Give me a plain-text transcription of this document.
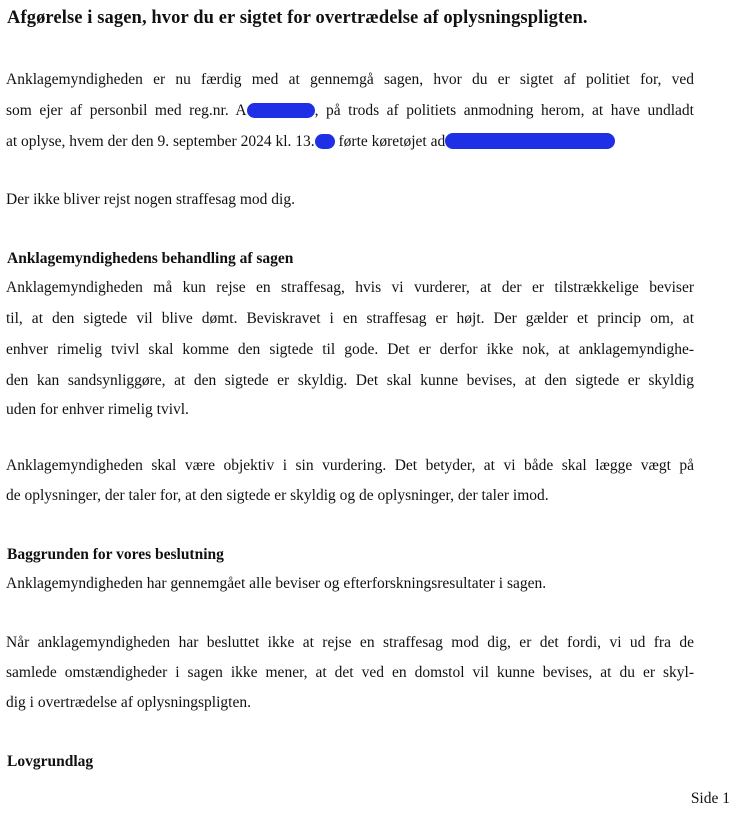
Afgørelse i sagen, hvor du er sigtet for overtrædelse af oplysningspligten.

Anklagemyndigheden er nu færdig med at gennemgå sagen, hvor du er sigtet af politiet for, ved

som ejer af personbil med reg.nr. A	, på trods af politiets anmodning herom, at have undladt

at oplyse, hvem der den 9. september 2024 kl. 13. førte køretøjet ad

Der ikke bliver rejst nogen straffesag mod dig.

Anklagemyndighedens behandling af sagen

Anklagemyndigheden må kun rejse en straffesag, hvis vi vurderer, at der er tilstrækkelige beviser

til, at den sigtede vil blive dømt. Beviskravet i en straffesag er højt. Der gælder et princip om, at

enhver rimelig tvivl skal komme den sigtede til gode. Det er derfor ikke nok, at anklagemyndighe-

den kan sandsynliggøre, at den sigtede er skyldig. Det skal kunne bevises, at den sigtede er skyldig

uden for enhver rimelig tvivl.

Anklagemyndigheden skal være objektiv i sin vurdering. Det betyder, at vi både skal lægge vægt på

de oplysninger, der taler for, at den sigtede er skyldig og de oplysninger, der taler imod.

Baggrunden for vores beslutning

Anklagemyndigheden har gennemgået alle beviser og efterforskningsresultater i sagen.

Når anklagemyndigheden har besluttet ikke at rejse en straffesag mod dig, er det fordi, vi ud fra de

samlede omstændigheder i sagen ikke mener, at det ved en domstol vil kunne bevises, at du er skyl-

dig i overtrædelse af oplysningspligten.

Lovgrundlag
Side 1
